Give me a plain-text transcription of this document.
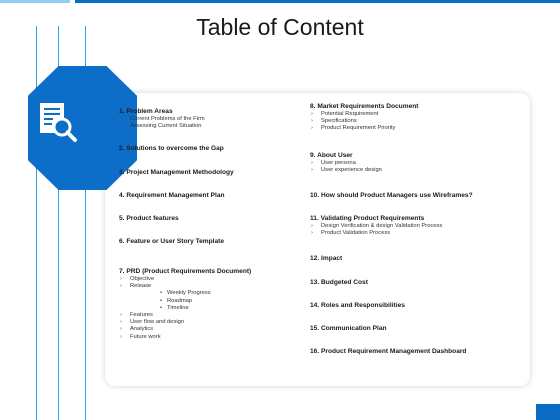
Table of Content
1. Problem Areas
› Current Problems of the Firm
› Assessing Current Situation
2. Solutions to overcome the Gap
3. Project Management Methodology
4. Requirement Management Plan
5. Product features
6. Feature or User Story Template
7. PRD (Product Requirements Document)
› Objective
› Release
• Weekly Progress
• Roadmap
• Timeline
› Features
› User flow and design
› Analytics
› Future work
8. Market Requirements Document
› Potential Requirement
› Specifications
› Product Requirement Priority
9. About User
› User persona
› User experience design
10. How should Product Managers use Wireframes?
11. Validating Product Requirements
› Design Verification & design Validation Process
› Product Validation Process
12. Impact
13. Budgeted Cost
14. Roles and Responsibilities
15. Communication Plan
16. Product Requirement Management Dashboard
